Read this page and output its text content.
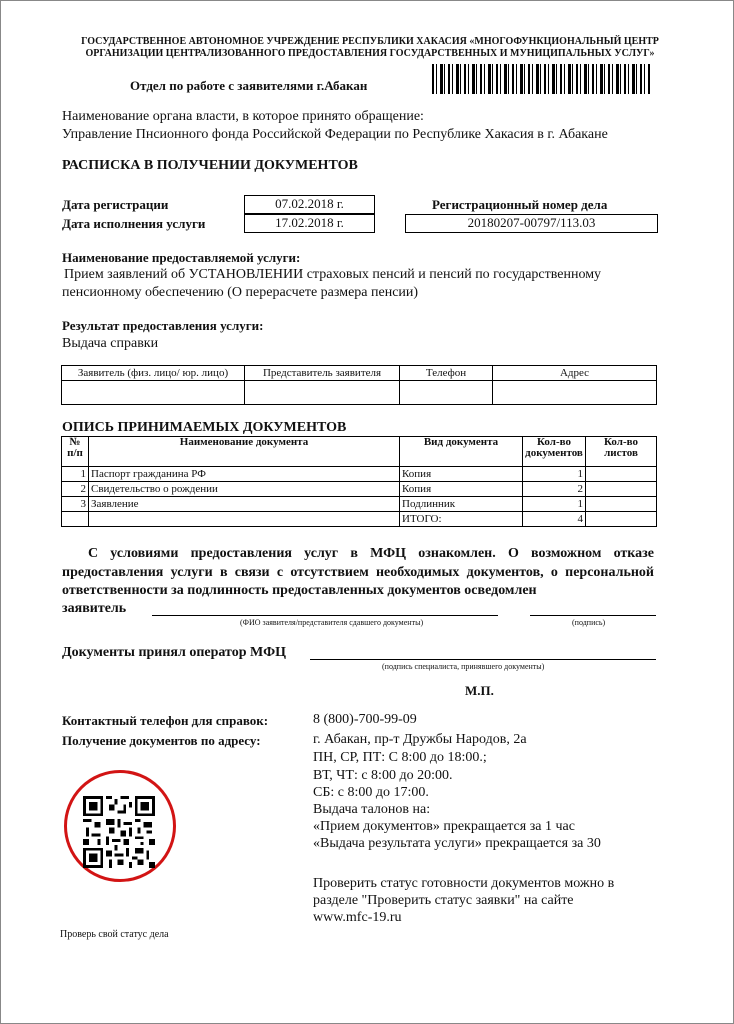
ГОСУДАРСТВЕННОЕ АВТОНОМНОЕ УЧРЕЖДЕНИЕ РЕСПУБЛИКИ ХАКАСИЯ «МНОГОФУНКЦИОНАЛЬНЫЙ ЦЕНТР
ОРГАНИЗАЦИИ ЦЕНТРАЛИЗОВАННОГО ПРЕДОСТАВЛЕНИЯ ГОСУДАРСТВЕННЫХ И МУНИЦИПАЛЬНЫХ УСЛУГ»
Отдел по работе с заявителями г.Абакан
Наименование органа власти, в которое принято обращение:
Управление Пнсионного фонда Российской Федерации по Республике Хакасия в г. Абакане
РАСПИСКА В ПОЛУЧЕНИИ ДОКУМЕНТОВ
Дата регистрации	07.02.2018 г.
Дата исполнения услуги	17.02.2018 г.
Регистрационный номер дела
20180207-00797/113.03
Наименование предоставляемой услуги:
Прием заявлений об УСТАНОВЛЕНИИ страховых пенсий и пенсий по государственному
пенсионному обеспечению (О перерасчете размера пенсии)
Результат предоставления услуги:
Выдача справки
Заявитель (физ. лицо/ юр. лицо)	Представитель заявителя	Телефон	Адрес

ОПИСЬ ПРИНИМАЕМЫХ ДОКУМЕНТОВ
№ п/п	Наименование документа	Вид документа	Кол-во документов	Кол-во листов
1	Паспорт гражданина РФ	Копия	1	
2	Свидетельство о рождении	Копия	2	
3	Заявление	Подлинник	1	
		ИТОГО:	4	
С условиями предоставления услуг в МФЦ ознакомлен. О возможном отказе
предоставления услуги в связи с отсутствием необходимых документов, о персональной
ответственности за подлинность предоставленных документов осведомлен
заявитель
(ФИО заявителя/представителя сдавшего документы)	(подпись)
Документы принял оператор МФЦ
(подпись специалиста, принявшего документы)
М.П.
Контактный телефон для справок:	8 (800)-700-99-09
Получение документов по адресу:	г. Абакан, пр-т Дружбы Народов, 2а
ПН, СР, ПТ: С 8:00 до 18:00.;
ВТ, ЧТ: с 8:00 до 20:00.
СБ: с 8:00 до 17:00.
Выдача талонов на:
«Прием документов» прекращается за 1 час
«Выдача результата услуги» прекращается за 30
Проверить статус готовности документов можно в
разделе "Проверить статус заявки" на сайте
www.mfc-19.ru
Проверь свой статус дела
